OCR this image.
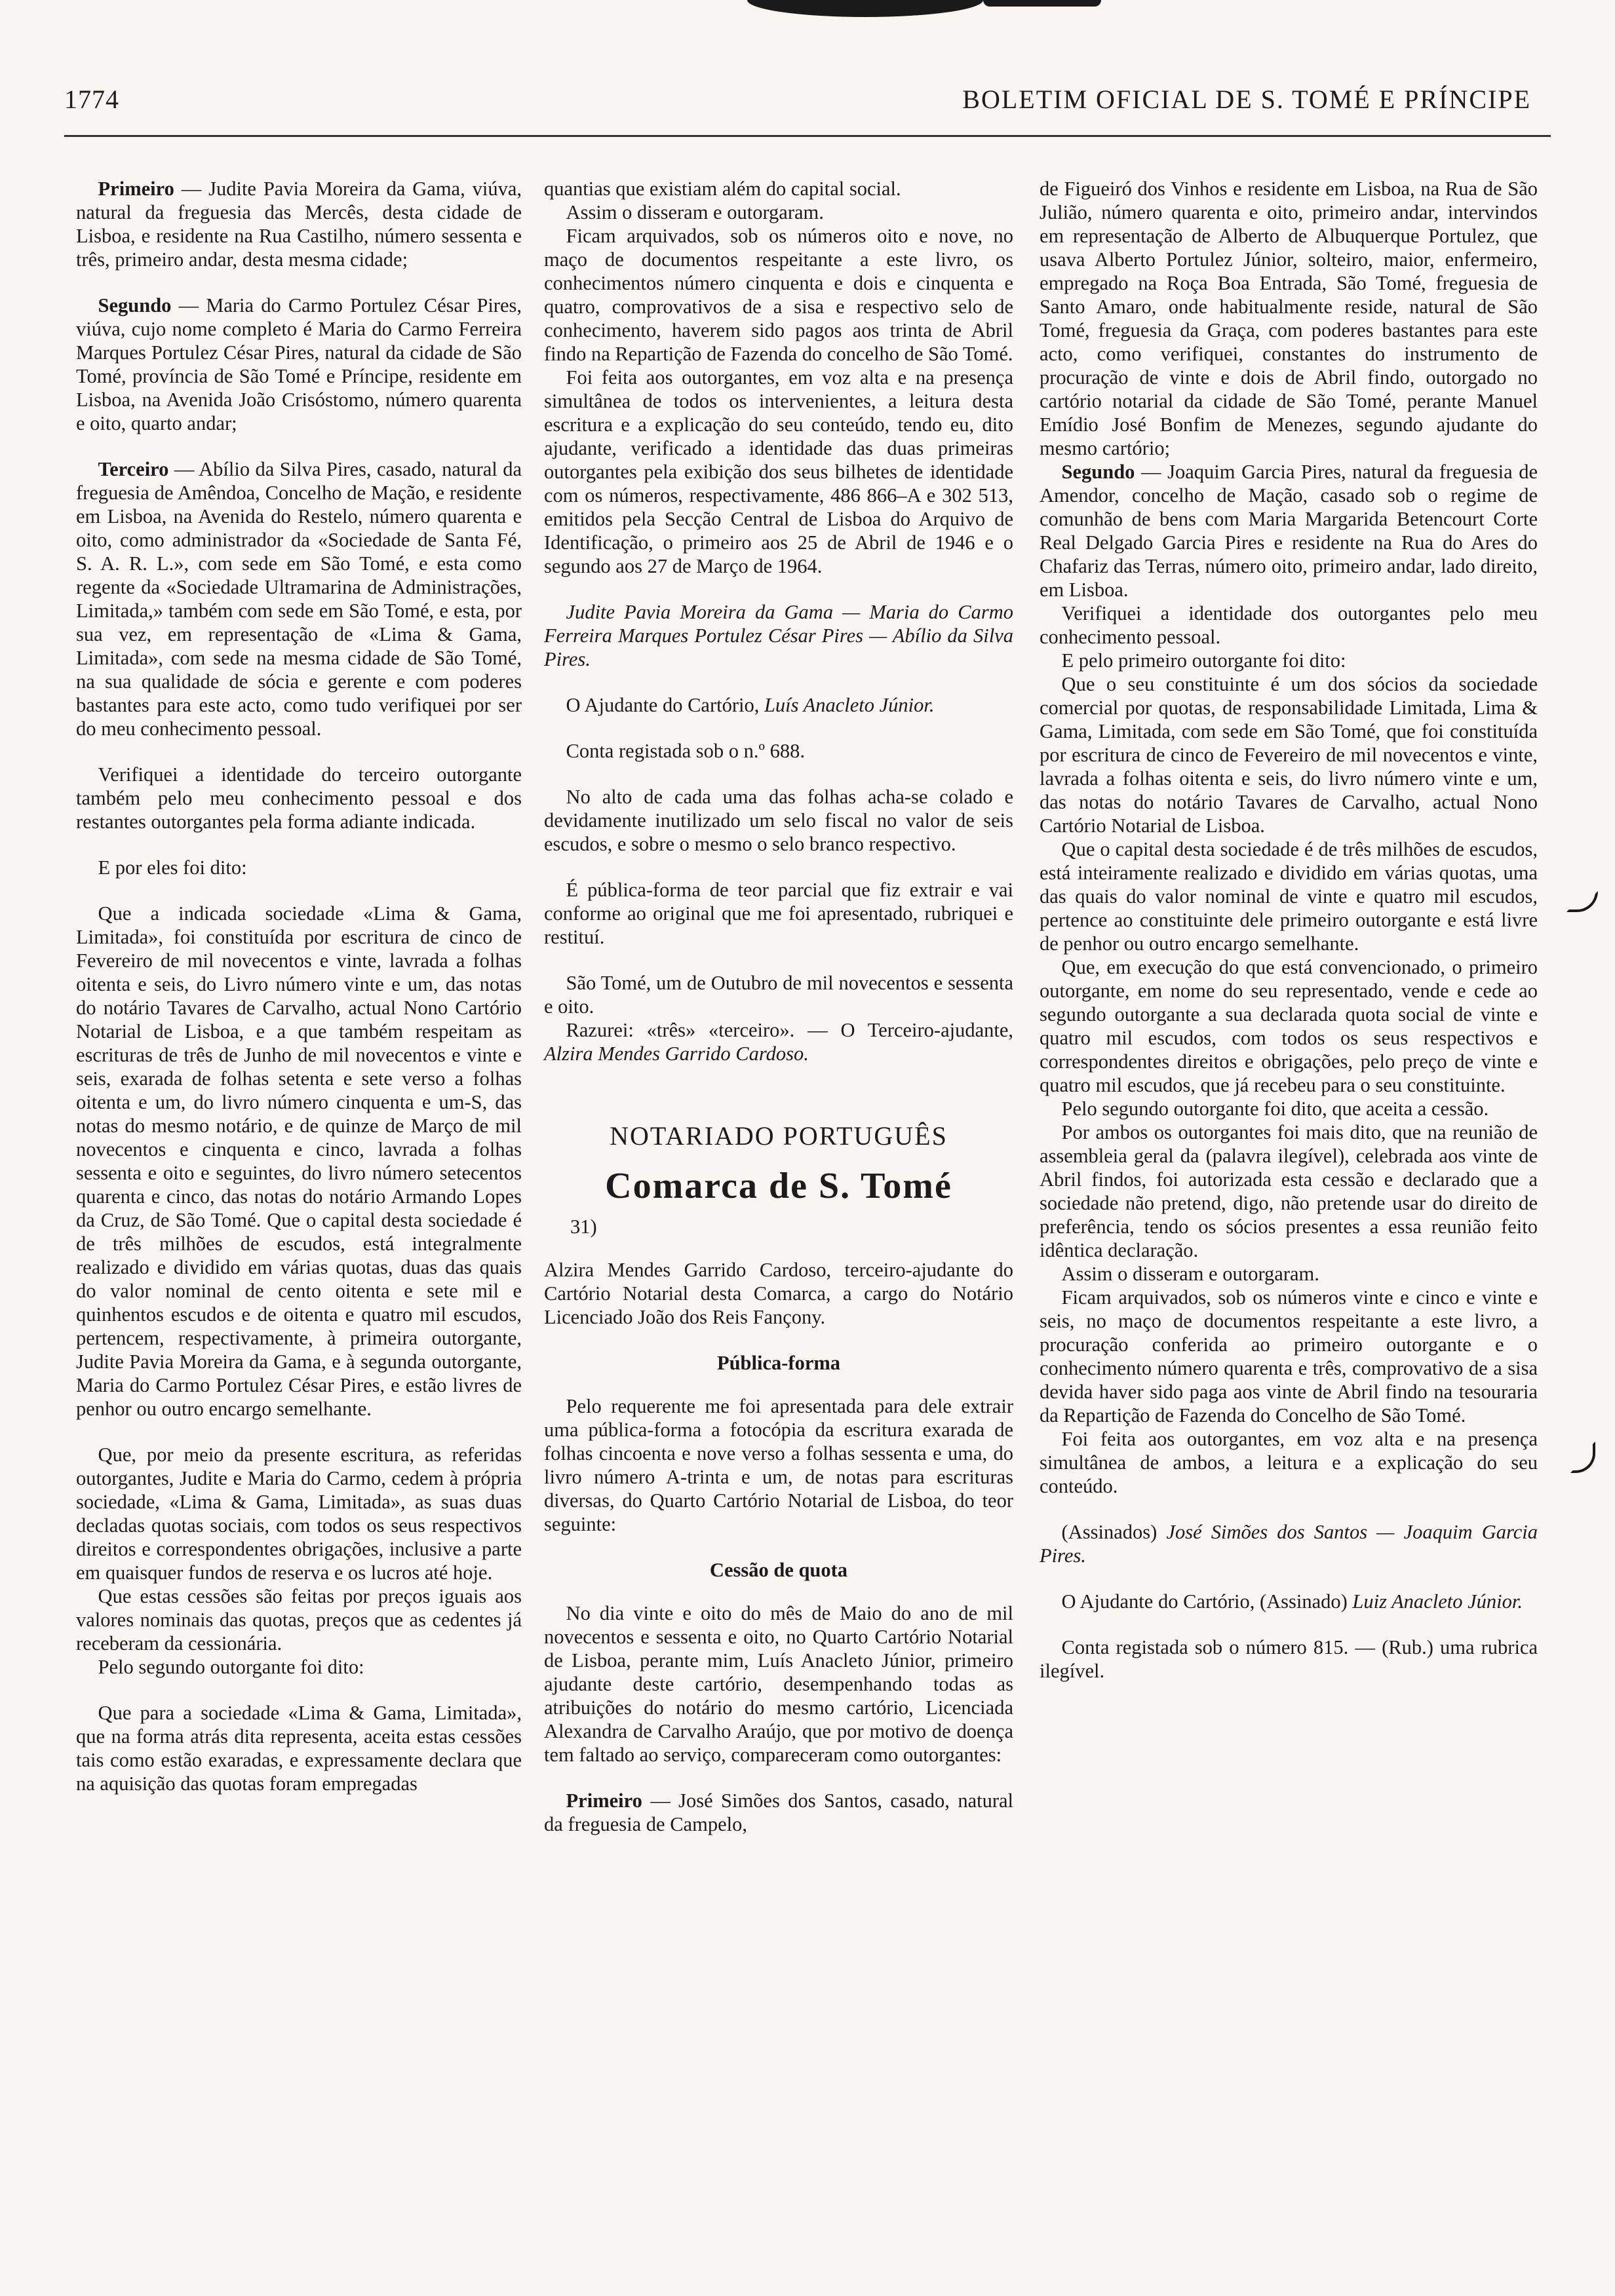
1774	BOLETIM OFICIAL DE S. TOMÉ E PRÍNCIPE

Primeiro — Judite Pavia Moreira da Gama, viúva, natural da freguesia das Mercês, desta cidade de Lisboa, e residente na Rua Castilho, número sessenta e três, primeiro andar, desta mesma cidade;

Segundo — Maria do Carmo Portulez César Pires, viúva, cujo nome completo é Maria do Carmo Ferreira Marques Portulez César Pires, natural da cidade de São Tomé, província de São Tomé e Príncipe, residente em Lisboa, na Avenida João Crisóstomo, número quarenta e oito, quarto andar;

Terceiro — Abílio da Silva Pires, casado, natural da freguesia de Amêndoa, Concelho de Mação, e residente em Lisboa, na Avenida do Restelo, número quarenta e oito, como administrador da «Sociedade de Santa Fé, S. A. R. L.», com sede em São Tomé, e esta como regente da «Sociedade Ultramarina de Administrações, Limitada,» também com sede em São Tomé, e esta, por sua vez, em representação de «Lima & Gama, Limitada», com sede na mesma cidade de São Tomé, na sua qualidade de sócia e gerente e com poderes bastantes para este acto, como tudo verifiquei por ser do meu conhecimento pessoal.

Verifiquei a identidade do terceiro outorgante também pelo meu conhecimento pessoal e dos restantes outorgantes pela forma adiante indicada.

E por eles foi dito:

Que a indicada sociedade «Lima & Gama, Limitada», foi constituída por escritura de cinco de Fevereiro de mil novecentos e vinte, lavrada a folhas oitenta e seis, do Livro número vinte e um, das notas do notário Tavares de Carvalho, actual Nono Cartório Notarial de Lisboa, e a que também respeitam as escrituras de três de Junho de mil novecentos e vinte e seis, exarada de folhas setenta e sete verso a folhas oitenta e um, do livro número cinquenta e um-S, das notas do mesmo notário, e de quinze de Março de mil novecentos e cinquenta e cinco, lavrada a folhas sessenta e oito e seguintes, do livro número setecentos quarenta e cinco, das notas do notário Armando Lopes da Cruz, de São Tomé. Que o capital desta sociedade é de três milhões de escudos, está integralmente realizado e dividido em várias quotas, duas das quais do valor nominal de cento oitenta e sete mil e quinhentos escudos e de oitenta e quatro mil escudos, pertencem, respectivamente, à primeira outorgante, Judite Pavia Moreira da Gama, e à segunda outorgante, Maria do Carmo Portulez César Pires, e estão livres de penhor ou outro encargo semelhante.

Que, por meio da presente escritura, as referidas outorgantes, Judite e Maria do Carmo, cedem à própria sociedade, «Lima & Gama, Limitada», as suas duas decladas quotas sociais, com todos os seus respectivos direitos e correspondentes obrigações, inclusive a parte em quaisquer fundos de reserva e os lucros até hoje.

Que estas cessões são feitas por preços iguais aos valores nominais das quotas, preços que as cedentes já receberam da cessionária.

Pelo segundo outorgante foi dito:

Que para a sociedade «Lima & Gama, Limitada», que na forma atrás dita representa, aceita estas cessões tais como estão exaradas, e expressamente declara que na aquisição das quotas foram empregadas

quantias que existiam além do capital social.

Assim o disseram e outorgaram.

Ficam arquivados, sob os números oito e nove, no maço de documentos respeitante a este livro, os conhecimentos número cinquenta e dois e cinquenta e quatro, comprovativos de a sisa e respectivo selo de conhecimento, haverem sido pagos aos trinta de Abril findo na Repartição de Fazenda do concelho de São Tomé.

Foi feita aos outorgantes, em voz alta e na presença simultânea de todos os intervenientes, a leitura desta escritura e a explicação do seu conteúdo, tendo eu, dito ajudante, verificado a identidade das duas primeiras outorgantes pela exibição dos seus bilhetes de identidade com os números, respectivamente, 486 866–A e 302 513, emitidos pela Secção Central de Lisboa do Arquivo de Identificação, o primeiro aos 25 de Abril de 1946 e o segundo aos 27 de Março de 1964.

Judite Pavia Moreira da Gama — Maria do Carmo Ferreira Marques Portulez César Pires — Abílio da Silva Pires.

O Ajudante do Cartório, Luís Anacleto Júnior.

Conta registada sob o n.º 688.

No alto de cada uma das folhas acha-se colado e devidamente inutilizado um selo fiscal no valor de seis escudos, e sobre o mesmo o selo branco respectivo.

É pública-forma de teor parcial que fiz extrair e vai conforme ao original que me foi apresentado, rubriquei e restituí.

São Tomé, um de Outubro de mil novecentos e sessenta e oito.

Razurei: «três» «terceiro». — O Terceiro-ajudante, Alzira Mendes Garrido Cardoso.

NOTARIADO PORTUGUÊS
Comarca de S. Tomé
31)

Alzira Mendes Garrido Cardoso, terceiro-ajudante do Cartório Notarial desta Comarca, a cargo do Notário Licenciado João dos Reis Fançony.

Pública-forma

Pelo requerente me foi apresentada para dele extrair uma pública-forma a fotocópia da escritura exarada de folhas cincoenta e nove verso a folhas sessenta e uma, do livro número A-trinta e um, de notas para escrituras diversas, do Quarto Cartório Notarial de Lisboa, do teor seguinte:

Cessão de quota

No dia vinte e oito do mês de Maio do ano de mil novecentos e sessenta e oito, no Quarto Cartório Notarial de Lisboa, perante mim, Luís Anacleto Júnior, primeiro ajudante deste cartório, desempenhando todas as atribuições do notário do mesmo cartório, Licenciada Alexandra de Carvalho Araújo, que por motivo de doença tem faltado ao serviço, compareceram como outorgantes:

Primeiro — José Simões dos Santos, casado, natural da freguesia de Campelo,

de Figueiró dos Vinhos e residente em Lisboa, na Rua de São Julião, número quarenta e oito, primeiro andar, intervindos em representação de Alberto de Albuquerque Portulez, que usava Alberto Portulez Júnior, solteiro, maior, enfermeiro, empregado na Roça Boa Entrada, São Tomé, freguesia de Santo Amaro, onde habitualmente reside, natural de São Tomé, freguesia da Graça, com poderes bastantes para este acto, como verifiquei, constantes do instrumento de procuração de vinte e dois de Abril findo, outorgado no cartório notarial da cidade de São Tomé, perante Manuel Emídio José Bonfim de Menezes, segundo ajudante do mesmo cartório;

Segundo — Joaquim Garcia Pires, natural da freguesia de Amendor, concelho de Mação, casado sob o regime de comunhão de bens com Maria Margarida Betencourt Corte Real Delgado Garcia Pires e residente na Rua do Ares do Chafariz das Terras, número oito, primeiro andar, lado direito, em Lisboa.

Verifiquei a identidade dos outorgantes pelo meu conhecimento pessoal.

E pelo primeiro outorgante foi dito:

Que o seu constituinte é um dos sócios da sociedade comercial por quotas, de responsabilidade Limitada, Lima & Gama, Limitada, com sede em São Tomé, que foi constituída por escritura de cinco de Fevereiro de mil novecentos e vinte, lavrada a folhas oitenta e seis, do livro número vinte e um, das notas do notário Tavares de Carvalho, actual Nono Cartório Notarial de Lisboa.

Que o capital desta sociedade é de três milhões de escudos, está inteiramente realizado e dividido em várias quotas, uma das quais do valor nominal de vinte e quatro mil escudos, pertence ao constituinte dele primeiro outorgante e está livre de penhor ou outro encargo semelhante.

Que, em execução do que está convencionado, o primeiro outorgante, em nome do seu representado, vende e cede ao segundo outorgante a sua declarada quota social de vinte e quatro mil escudos, com todos os seus respectivos e correspondentes direitos e obrigações, pelo preço de vinte e quatro mil escudos, que já recebeu para o seu constituinte.

Pelo segundo outorgante foi dito, que aceita a cessão.

Por ambos os outorgantes foi mais dito, que na reunião de assembleia geral da (palavra ilegível), celebrada aos vinte de Abril findos, foi autorizada esta cessão e declarado que a sociedade não pretend, digo, não pretende usar do direito de preferência, tendo os sócios presentes a essa reunião feito idêntica declaração.

Assim o disseram e outorgaram.

Ficam arquivados, sob os números vinte e cinco e vinte e seis, no maço de documentos respeitante a este livro, a procuração conferida ao primeiro outorgante e o conhecimento número quarenta e três, comprovativo de a sisa devida haver sido paga aos vinte de Abril findo na tesouraria da Repartição de Fazenda do Concelho de São Tomé.

Foi feita aos outorgantes, em voz alta e na presença simultânea de ambos, a leitura e a explicação do seu conteúdo.

(Assinados) José Simões dos Santos — Joaquim Garcia Pires.

O Ajudante do Cartório, (Assinado) Luiz Anacleto Júnior.

Conta registada sob o número 815. — (Rub.) uma rubrica ilegível.
